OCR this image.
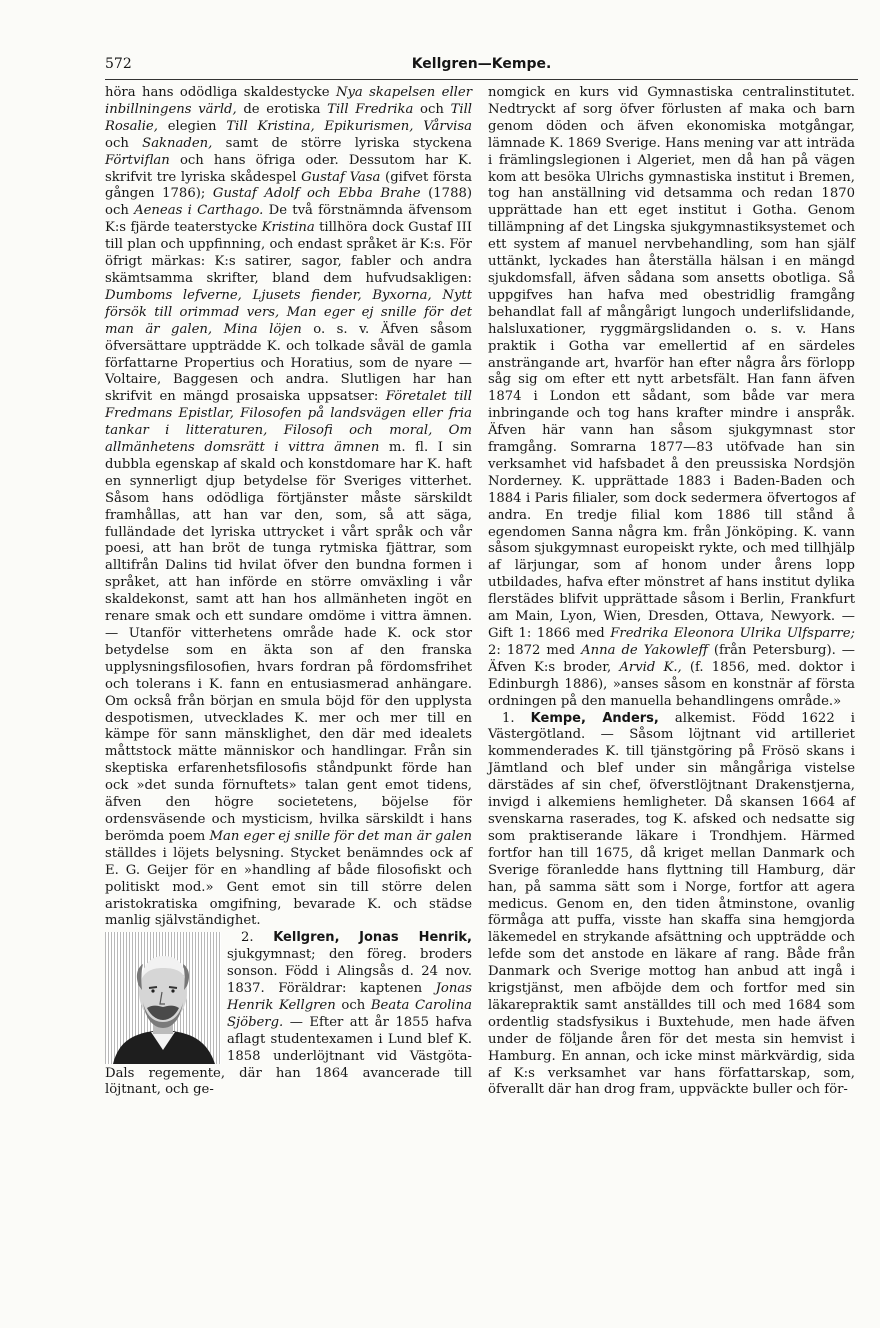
572	Kellgren—Kempe.

höra hans odödliga skaldestycke Nya skapelsen eller inbillningens värld, de erotiska Till Fredrika och Till Rosalie, elegien Till Kristina, Epikurismen, Vårvisa och Saknaden, samt de större lyriska styckena Förtviflan och hans öfriga oder. Dessutom har K. skrifvit tre lyriska skådespel Gustaf Vasa (gifvet första gången 1786); Gustaf Adolf och Ebba Brahe (1788) och Aeneas i Carthago. De två förstnämnda äfvensom K:s fjärde teaterstycke Kristina tillhöra dock Gustaf III till plan och uppfinning, och endast språket är K:s. För öfrigt märkas: K:s satirer, sagor, fabler och andra skämtsamma skrifter, bland dem hufvudsakligen: Dumboms lefverne, Ljusets fiender, Byxorna, Nytt försök till orimmad vers, Man eger ej snille för det man är galen, Mina löjen o. s. v. Äfven såsom öfversättare uppträdde K. och tolkade såväl de gamla författarne Propertius och Horatius, som de nyare — Voltaire, Baggesen och andra. Slutligen har han skrifvit en mängd prosaiska uppsatser: Företalet till Fredmans Epistlar, Filosofen på landsvägen eller fria tankar i litteraturen, Filosofi och moral, Om allmänhetens domsrätt i vittra ämnen m. fl. I sin dubbla egenskap af skald och konstdomare har K. haft en synnerligt djup betydelse för Sveriges vitterhet. Såsom hans odödliga förtjänster måste särskildt framhållas, att han var den, som, så att säga, fulländade det lyriska uttrycket i vårt språk och vår poesi, att han bröt de tunga rytmiska fjättrar, som alltifrån Dalins tid hvilat öfver den bundna formen i språket, att han införde en större omväxling i vår skaldekonst, samt att han hos allmänheten ingöt en renare smak och ett sundare omdöme i vittra ämnen. — Utanför vitterhetens område hade K. ock stor betydelse som en äkta son af den franska upplysningsfilosofien, hvars fordran på fördomsfrihet och tolerans i K. fann en entusiasmerad anhängare. Om också från början en smula böjd för den upplysta despotismen, utvecklades K. mer och mer till en kämpe för sann mänsklighet, den där med idealets måttstock mätte människor och handlingar. Från sin skeptiska erfarenhetsfilosofis ståndpunkt förde han ock »det sunda förnuftets» talan gent emot tidens, äfven den högre societetens, böjelse för ordensväsende och mysticism, hvilka särskildt i hans berömda poem Man eger ej snille för det man är galen ställdes i löjets belysning. Stycket benämndes ock af E. G. Geijer för en »handling af både filosofiskt och politiskt mod.» Gent emot sin till större delen aristokratiska omgifning, bevarade K. och städse manlig självständighet.

2. Kellgren, Jonas Henrik,
sjukgymnast; den föreg. broders sonson. Född i Alingsås d. 24 nov. 1837. Föräldrar: kaptenen Jonas Henrik Kellgren och Beata Carolina Sjöberg. — Efter att år 1855 hafva aflagt studentexamen i Lund blef K. 1858 underlöjtnant vid Västgöta-Dals regemente, där han 1864 avancerade till löjtnant, och ge-

nomgick en kurs vid Gymnastiska centralinstitutet. Nedtryckt af sorg öfver förlusten af maka och barn genom döden och äfven ekonomiska motgångar, lämnade K. 1869 Sverige. Hans mening var att inträda i främlingslegionen i Algeriet, men då han på vägen kom att besöka Ulrichs gymnastiska institut i Bremen, tog han anställning vid detsamma och redan 1870 upprättade han ett eget institut i Gotha. Genom tillämpning af det Lingska sjukgymnastiksystemet och ett system af manuel nervbehandling, som han själf uttänkt, lyckades han återställa hälsan i en mängd sjukdomsfall, äfven sådana som ansetts obotliga. Så uppgifves han hafva med obestridlig framgång behandlat fall af mångårigt lungoch underlifslidande, halsluxationer, ryggmärgslidanden o. s. v. Hans praktik i Gotha var emellertid af en särdeles ansträngande art, hvarför han efter några års förlopp såg sig om efter ett nytt arbetsfält. Han fann äfven 1874 i London ett sådant, som både var mera inbringande och tog hans krafter mindre i anspråk. Äfven här vann han såsom sjukgymnast stor framgång. Somrarna 1877—83 utöfvade han sin verksamhet vid hafsbadet å den preussiska Nordsjön Norderney. K. upprättade 1883 i Baden-Baden och 1884 i Paris filialer, som dock sedermera öfvertogos af andra. En tredje filial kom 1886 till stånd å egendomen Sanna några km. från Jönköping. K. vann såsom sjukgymnast europeiskt rykte, och med tillhjälp af lärjungar, som af honom under årens lopp utbildades, hafva efter mönstret af hans institut dylika flerstädes blifvit upprättade såsom i Berlin, Frankfurt am Main, Lyon, Wien, Dresden, Ottava, Newyork. — Gift 1: 1866 med Fredrika Eleonora Ulrika Ulfsparre; 2: 1872 med Anna de Yakowleff (från Petersburg). — Äfven K:s broder, Arvid K., (f. 1856, med. doktor i Edinburgh 1886), »anses såsom en konstnär af första ordningen på den manuella behandlingens område.»

1. Kempe, Anders, alkemist. Född 1622 i Västergötland. — Såsom löjtnant vid artilleriet kommenderades K. till tjänstgöring på Frösö skans i Jämtland och blef under sin mångåriga vistelse därstädes af sin chef, öfverstlöjtnant Drakenstjerna, invigd i alkemiens hemligheter. Då skansen 1664 af svenskarna raserades, tog K. afsked och nedsatte sig som praktiserande läkare i Trondhjem. Härmed fortfor han till 1675, då kriget mellan Danmark och Sverige föranledde hans flyttning till Hamburg, där han, på samma sätt som i Norge, fortfor att agera medicus. Genom en, den tiden åtminstone, ovanlig förmåga att puffa, visste han skaffa sina hemgjorda läkemedel en strykande afsättning och uppträdde och lefde som det anstode en läkare af rang. Både från Danmark och Sverige mottog han anbud att ingå i krigstjänst, men afböjde dem och fortfor med sin läkarepraktik samt anställdes till och med 1684 som ordentlig stadsfysikus i Buxtehude, men hade äfven under de följande åren för det mesta sin hemvist i Hamburg. En annan, och icke minst märkvärdig, sida af K:s verksamhet var hans författarskap, som, öfverallt där han drog fram, uppväckte buller och för-
